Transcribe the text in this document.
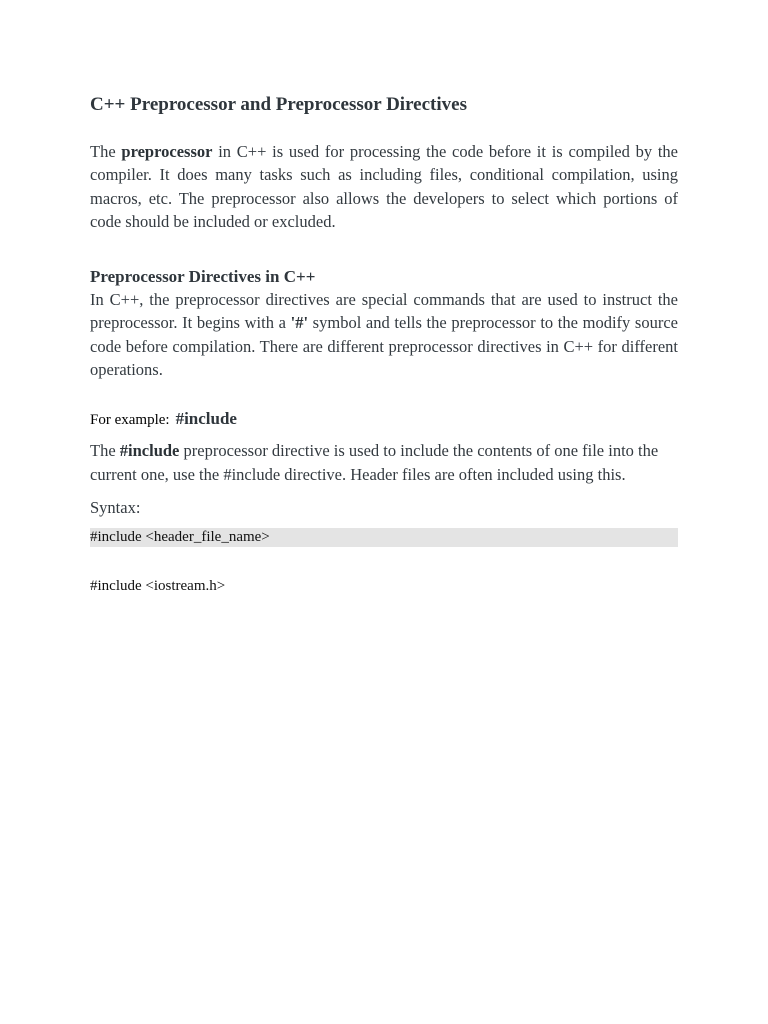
C++ Preprocessor and Preprocessor Directives

The preprocessor in C++ is used for processing the code before it is compiled by the compiler. It does many tasks such as including files, conditional compilation, using macros, etc. The preprocessor also allows the developers to select which portions of code should be included or excluded.

Preprocessor Directives in C++

In C++, the preprocessor directives are special commands that are used to instruct the preprocessor. It begins with a '#' symbol and tells the preprocessor to the modify source code before compilation. There are different preprocessor directives in C++ for different operations.

For example: #include

The #include preprocessor directive is used to include the contents of one file into the current one, use the #include directive. Header files are often included using this.

Syntax:

#include <header_file_name>
#include <iostream.h>
